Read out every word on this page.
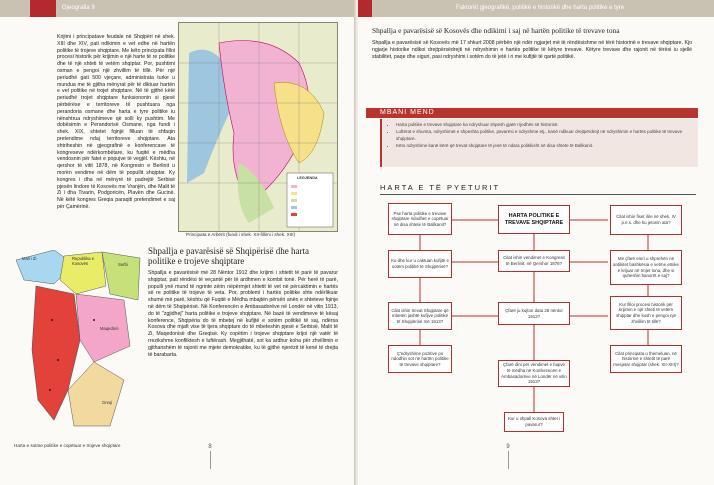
Gjeografia 9

Krijimi i principatave feudale në Shqipëri në shek. XIII dhe XIV, pati ndikimin e vet edhe në hartën politike të trojeve shqiptare. Me këto principata filloi procesi historik për krijimin e një harte të re politike dhe të një shteti të vetëm shqiptar. Por, pushtimi osman e pengoi një zhvillim të tillë. Për një periudhë gati 500 vjeçare, administrata turke u mundua me të gjitha mënyrat për të diktuar hartën e vet politike në trojet shqiptare. Në të gjithë këtë periudhë trojet shqiptare funksiononin si pjesë përbërëse e territoreve të pushtuara nga perandoria osmane dhe harta e tyre politike iu nënshtrua ndryshimeve që solli ky pushtim. Me dobësimin e Perandorisë Osmane, nga fundi i shek. XIX, shtetet fqinjë filluan të shfaqin pretendime ndaj territoreve shqiptare. Ata shtriheshin në gjeografinë e konferencave të kongreseve ndërkombëtare, ku fuqitë e mëdha vendosnin për fatet e popujve të vegjël. Kështu, në qershor të vitit 1878, në Kongresin e Berlinit u morën vendime në dëm të popullit shqiptar. Ky kongres i dha në mënyrë të padrejtë Serbisë pjesën lindore të Kosovës me Vranjën, dhe Malit të Zi i dha Tivarin, Podgoricën, Plavën dhe Gucinë. Në këtë kongres Greqia paraqiti pretendimet e saj për Çamërinë.

LEGJENDA
Principata e Arbërit (fundi i shek. XII-fillimi i shek. XIII)
Mali i Zi	Republika e Kosovës	Serbi
Maqedoni
Greqi
Harta e sotme politike e copëtuar e trojeve shqiptare
Shpallja e pavarësisë së Shqipërisë dhe harta politike e trojeve shqiptare

Shpallja e pavarësisë më 28 Nëntor 1912 dhe krijimi i shtetit të parë të pavarur shqiptar, pati rëndësi të veçantë për të ardhmen e kombit tonë. Për herë të parë, populli ynë mund të ngrinte zërin nëpërmjet shtetit të vet në përcaktimin e hartës së re politike të trojeve të veta. Por, problemi i hartës politike shte ndërlikuar shumë më parë, kështu që Fuqitë e Mëdha mbajtën përsëri anën e shteteve fqinje në dëm të Shqipërisë. Në Konferencën e Ambasadorëve në Londër në vitin 1913, do të "zgjidhej" harta politike e trojeve shqiptare. Në bazë të vendimeve të kësaj konference, Shqipëria do të mbetej në kufijtë e sotëm politikë të saj, ndërsa Kosova dhe mjaft vise të tjera shqiptare do të mbeteshin pjesë e Serbisë, Malit të Zi, Maqedonisë dhe Greqisë. Ky copëtim i trojeve shqiptare krijoi një vatër të rrezikshme konfliktesh e luftërash. Megjithatë, sot ka ardhur koha për zhvillimin e gjithanshëm të rajonit me mjete demokratike, ku të gjithë njerëzit të kenë të drejta të barabarta.

8
Faktorët gjeografikë, politikë e historikë dhe harta politike e tyre
Shpallja e pavarësisë së Kosovës dhe ndikimi i saj në hartën politike të trevave tona

Shpallja e pavarësisë së Kosovës më 17 shkurt 2008 përbën një ndër ngjarjet më të rëndësishme në tërë historinë e trevave shqiptare. Kjo ngjarje historike ndikoi drejtpërsëdrejti në ndryshimin e hartës politike të këtyre trevave. Këtyre trevave dhe rajonit në tërësi iu sjellë stabilitet, paqe dhe siguri, pasi ndryshimi i sotëm do të jetë i ri me kufijtë të qartë politikë.

MBANI MEND
• Harta politike e trevave shqiptare ka ndryshuar shpesh gjatë rrjedhës së historisë.
• Luftërat e shumta, ndryshimet e shpeshta politike, pavarësi e ndryshme etj., kanë ndikuar drejtpërdrejt në ndryshimin e hartës politike të trevave shqiptare.
• Këto ndryshime kanë bërë që trevat shqiptare të jenë të ndara politikisht në disa shtete të Ballkanit.
HARTA E TË PYETURIT
Pse harta politike e trevave shqiptare ndodhet e copëtuar në disa shtete të Ballkanit?
HARTA POLITIKE E TREVAVE SHQIPTARE
Cilat ishin fiset ilire në shek. IV p.e.s. dhe ku jetonin ata?
Ku dhe kur u caktuan kufijtë e sotëm politikë të Shqipërisë?
Cilat ishin vendimet e Kongresit të Berlinit, në Qershor 1878?
Me çfarë emri u shprehën në antikitet bashkësia e vetme etnike e krijuar në trojet tona, dhe si quheshin banorët e saj?
Cilat ishin trevat Shqiptare që mbetën jashtë kufijve politikë të Shqipërisë më 1913?
Çfarë ju kujton data 28 nëntor 1912?
Kur filloi procesi historik për krijimin e një shteti të vetëm shqiptar dhe kush e pengoi një zhvillim të tillë?
Ç'ndryshime pozitive po ndodhin sot në hartën politike të trevave shqiptare?	Çfarë dini për vendimet e fuqive të mëdha në Konferencën e Ambasadorëve në Londër në vitin 1913?
Cilat principata u themeluan, në historinë e shtetit të parë mesjetar shqiptar (shek. XII-XIII)?
Kur u shpall Kosova shtet i pavarur?
9
